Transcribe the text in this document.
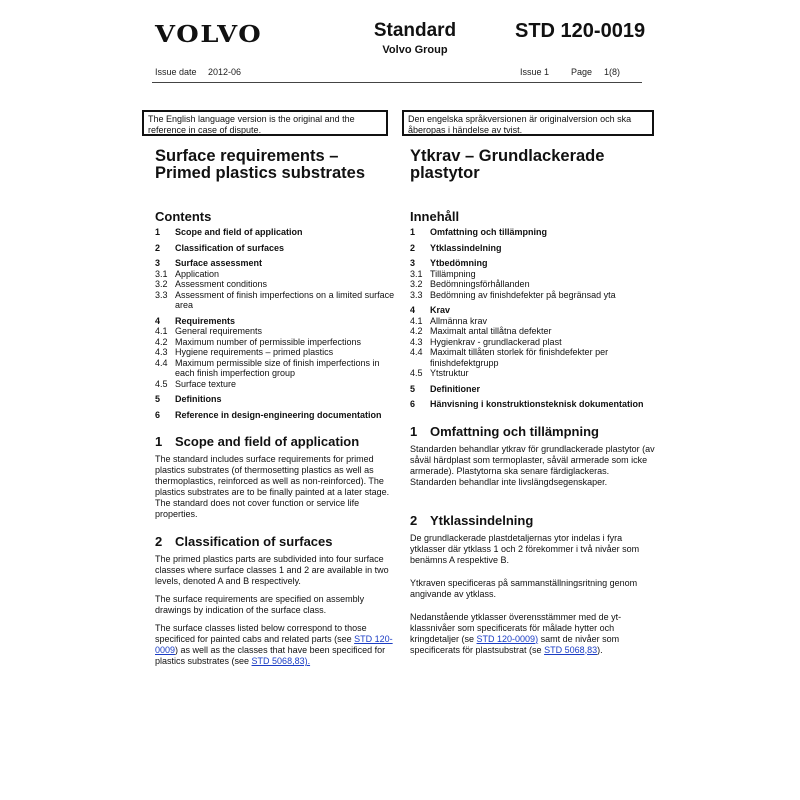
VOLVO	Standard
Volvo Group
STD 120-0019
Issue date 2012-06	Issue 1 Page 1(8)
The English language version is the original and the reference in case of dispute.
Den engelska språkversionen är originalversion och ska åberopas i händelse av tvist.
Surface requirements –
Primed plastics substrates
Contents
1	Scope and field of application
2	Classification of surfaces
3	Surface assessment
3.1 Application
3.2 Assessment conditions
3.3 Assessment of finish imperfections on a limited surface area
4	Requirements
4.1 General requirements
4.2 Maximum number of permissible imperfections
4.3 Hygiene requirements – primed plastics
4.4 Maximum permissible size of finish imperfections in each finish imperfection group
4.5 Surface texture
5	Definitions
6	Reference in design-engineering documentation
1 Scope and field of application
The standard includes surface requirements for primed plastics substrates (of thermosetting plastics as well as thermoplastics, reinforced as well as non-reinforced). The plastics substrates are to be finally painted at a later stage. The standard does not cover function or service life properties.
2 Classification of surfaces
The primed plastics parts are subdivided into four surface classes where surface classes 1 and 2 are available in two levels, denoted A and B respectively.
The surface requirements are specified on assembly drawings by indication of the surface class.
The surface classes listed below correspond to those specificed for painted cabs and related parts (see STD 120-0009) as well as the classes that have been specificed for plastics substrates (see STD 5068,83).
Ytkrav – Grundlackerade
plastytor
Innehåll
1	Omfattning och tillämpning
2	Ytklassindelning
3	Ytbedömning
3.1 Tillämpning
3.2 Bedömningsförhållanden
3.3 Bedömning av finishdefekter på begränsad yta
4	Krav
4.1 Allmänna krav
4.2 Maximalt antal tillåtna defekter
4.3 Hygienkrav - grundlackerad plast
4.4 Maximalt tillåten storlek för finishdefekter per finishdefektgrupp
4.5 Ytstruktur
5	Definitioner
6	Hänvisning i konstruktionsteknisk dokumentation
1 Omfattning och tillämpning
Standarden behandlar ytkrav för grundlackerade plastytor (av såväl härdplast som termoplaster, såväl armerade som icke armerade). Plastytorna ska senare färdiglackeras. Standarden behandlar inte livslängdsegenskaper.
2 Ytklassindelning
De grundlackerade plastdetaljernas ytor indelas i fyra ytklasser där ytklass 1 och 2 förekommer i två nivåer som benämns A respektive B.
Ytkraven specificeras på sammanställningsritning genom angivande av ytklass.
Nedanstående ytklasser överensstämmer med de yt-klassnivåer som specificerats för målade hytter och kringdetaljer (se STD 120-0009) samt de nivåer som specificerats för plastsubstrat (se STD 5068,83).
